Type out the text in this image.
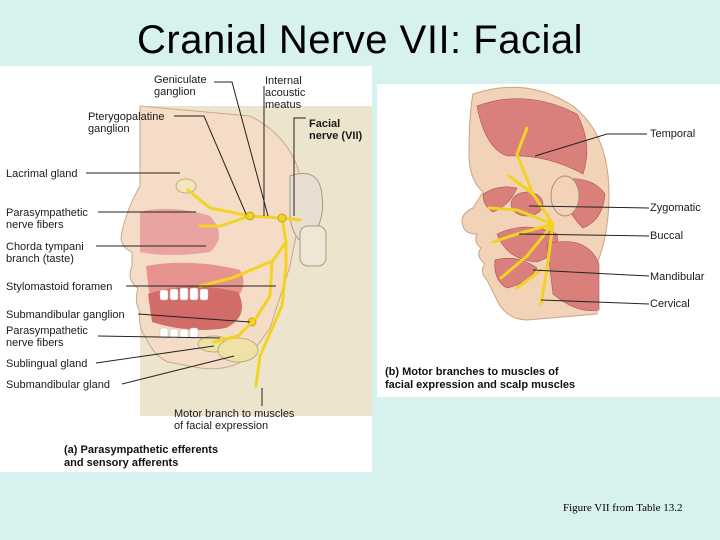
Cranial Nerve VII: Facial
Geniculate
ganglion
Internal
acoustic
meatus
Pterygopalatine
ganglion	Facial
nerve (VII)
Lacrimal gland
Parasympathetic
nerve fibers
Chorda tympani
branch (taste)
Stylomastoid foramen
Submandibular ganglion
Parasympathetic
nerve fibers
Sublingual gland
Submandibular gland
Motor branch to muscles
of facial expression
(a) Parasympathetic efferents
and sensory afferents
Temporal
Zygomatic
Buccal
Mandibular
Cervical
(b) Motor branches to muscles of
facial expression and scalp muscles
Figure VII from Table 13.2
